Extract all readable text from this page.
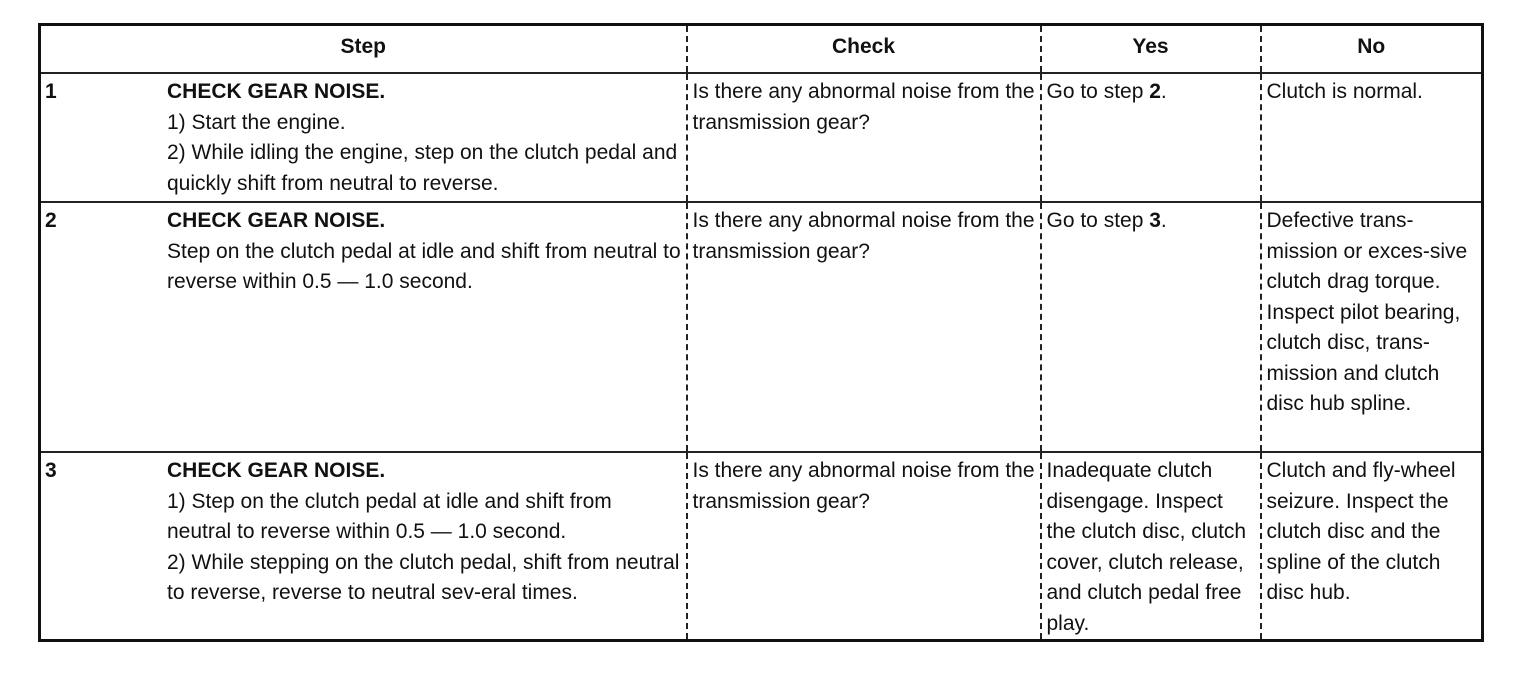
Step	Check	Yes	No

1 CHECK GEAR NOISE.
1) Start the engine.
2) While idling the engine, step on the clutch pedal and quickly shift from neutral to reverse.	Is there any abnormal noise from the transmission gear?	Go to step 2.	Clutch is normal.

2 CHECK GEAR NOISE.
Step on the clutch pedal at idle and shift from neutral to reverse within 0.5 — 1.0 second.	Is there any abnormal noise from the transmission gear?	Go to step 3.	Defective trans-mission or exces-sive clutch drag torque. Inspect pilot bearing, clutch disc, trans-mission and clutch disc hub spline.

3 CHECK GEAR NOISE.
1) Step on the clutch pedal at idle and shift from neutral to reverse within 0.5 — 1.0 second.
2) While stepping on the clutch pedal, shift from neutral to reverse, reverse to neutral sev-eral times.	Is there any abnormal noise from the transmission gear?	Inadequate clutch disengage. Inspect the clutch disc, clutch cover, clutch release, and clutch pedal free play.	Clutch and fly-wheel seizure. Inspect the clutch disc and the spline of the clutch disc hub.
